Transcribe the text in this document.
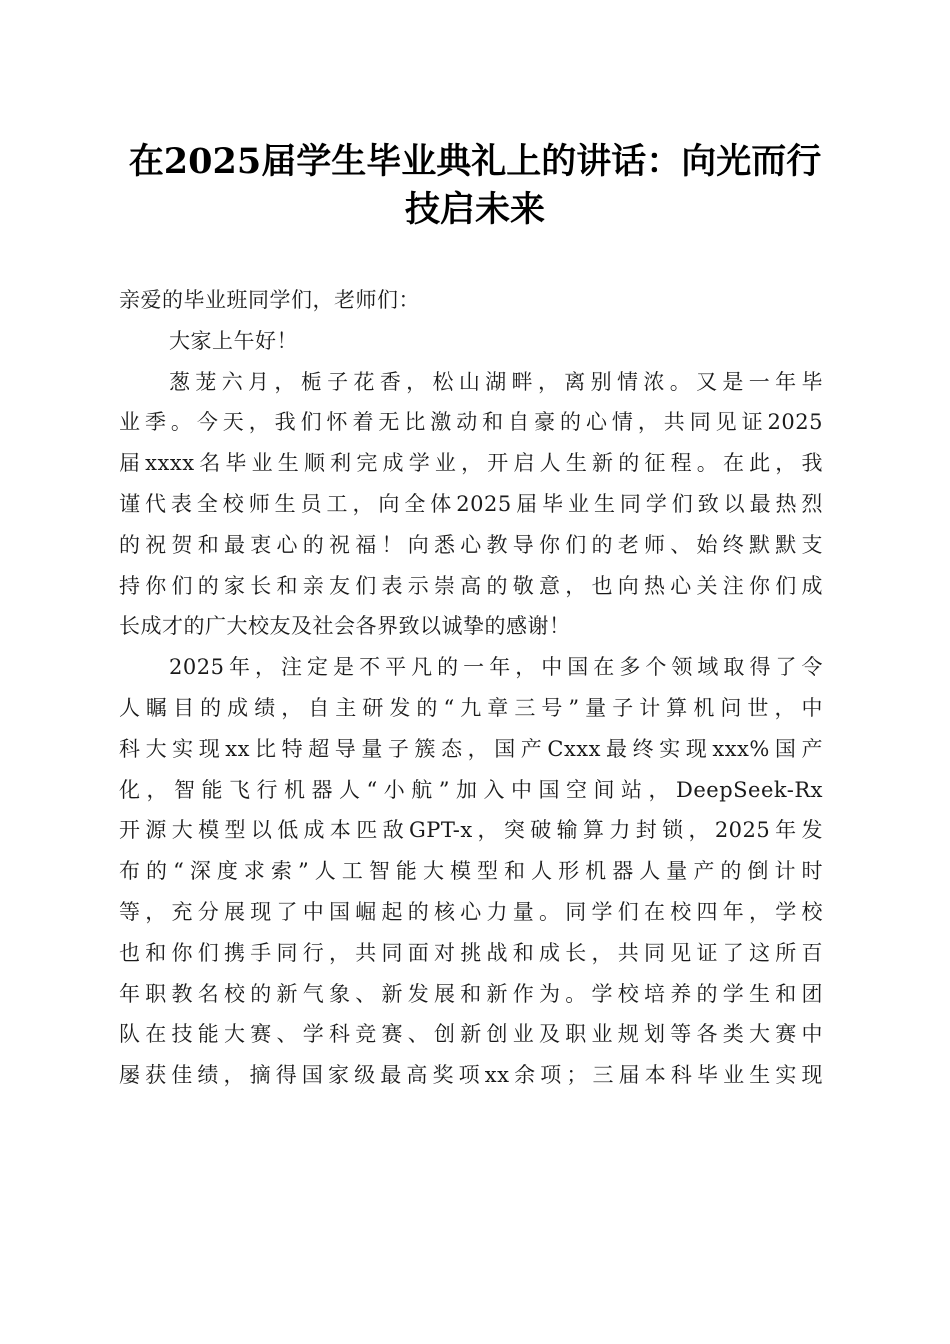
在2025届学生毕业典礼上的讲话：向光而行
技启未来
亲爱的毕业班同学们，老师们：
大家上午好！
葱茏六月，栀子花香，松山湖畔，离别情浓。又是一年毕
业季。今天，我们怀着无比激动和自豪的心情，共同见证2025
届xxxx名毕业生顺利完成学业，开启人生新的征程。在此，我
谨代表全校师生员工，向全体2025届毕业生同学们致以最热烈
的祝贺和最衷心的祝福！向悉心教导你们的老师、始终默默支
持你们的家长和亲友们表示崇高的敬意，也向热心关注你们成
长成才的广大校友及社会各界致以诚挚的感谢！
2025年，注定是不平凡的一年，中国在多个领域取得了令
人瞩目的成绩，自主研发的“九章三号”量子计算机问世，中
科大实现xx比特超导量子簇态，国产Cxxx最终实现xxx%国产
化，智能飞行机器人“小航”加入中国空间站，DeepSeek-Rx
开源大模型以低成本匹敌GPT-x，突破输算力封锁，2025年发
布的“深度求索”人工智能大模型和人形机器人量产的倒计时
等，充分展现了中国崛起的核心力量。同学们在校四年，学校
也和你们携手同行，共同面对挑战和成长，共同见证了这所百
年职教名校的新气象、新发展和新作为。学校培养的学生和团
队在技能大赛、学科竞赛、创新创业及职业规划等各类大赛中
屡获佳绩，摘得国家级最高奖项xx余项；三届本科毕业生实现
